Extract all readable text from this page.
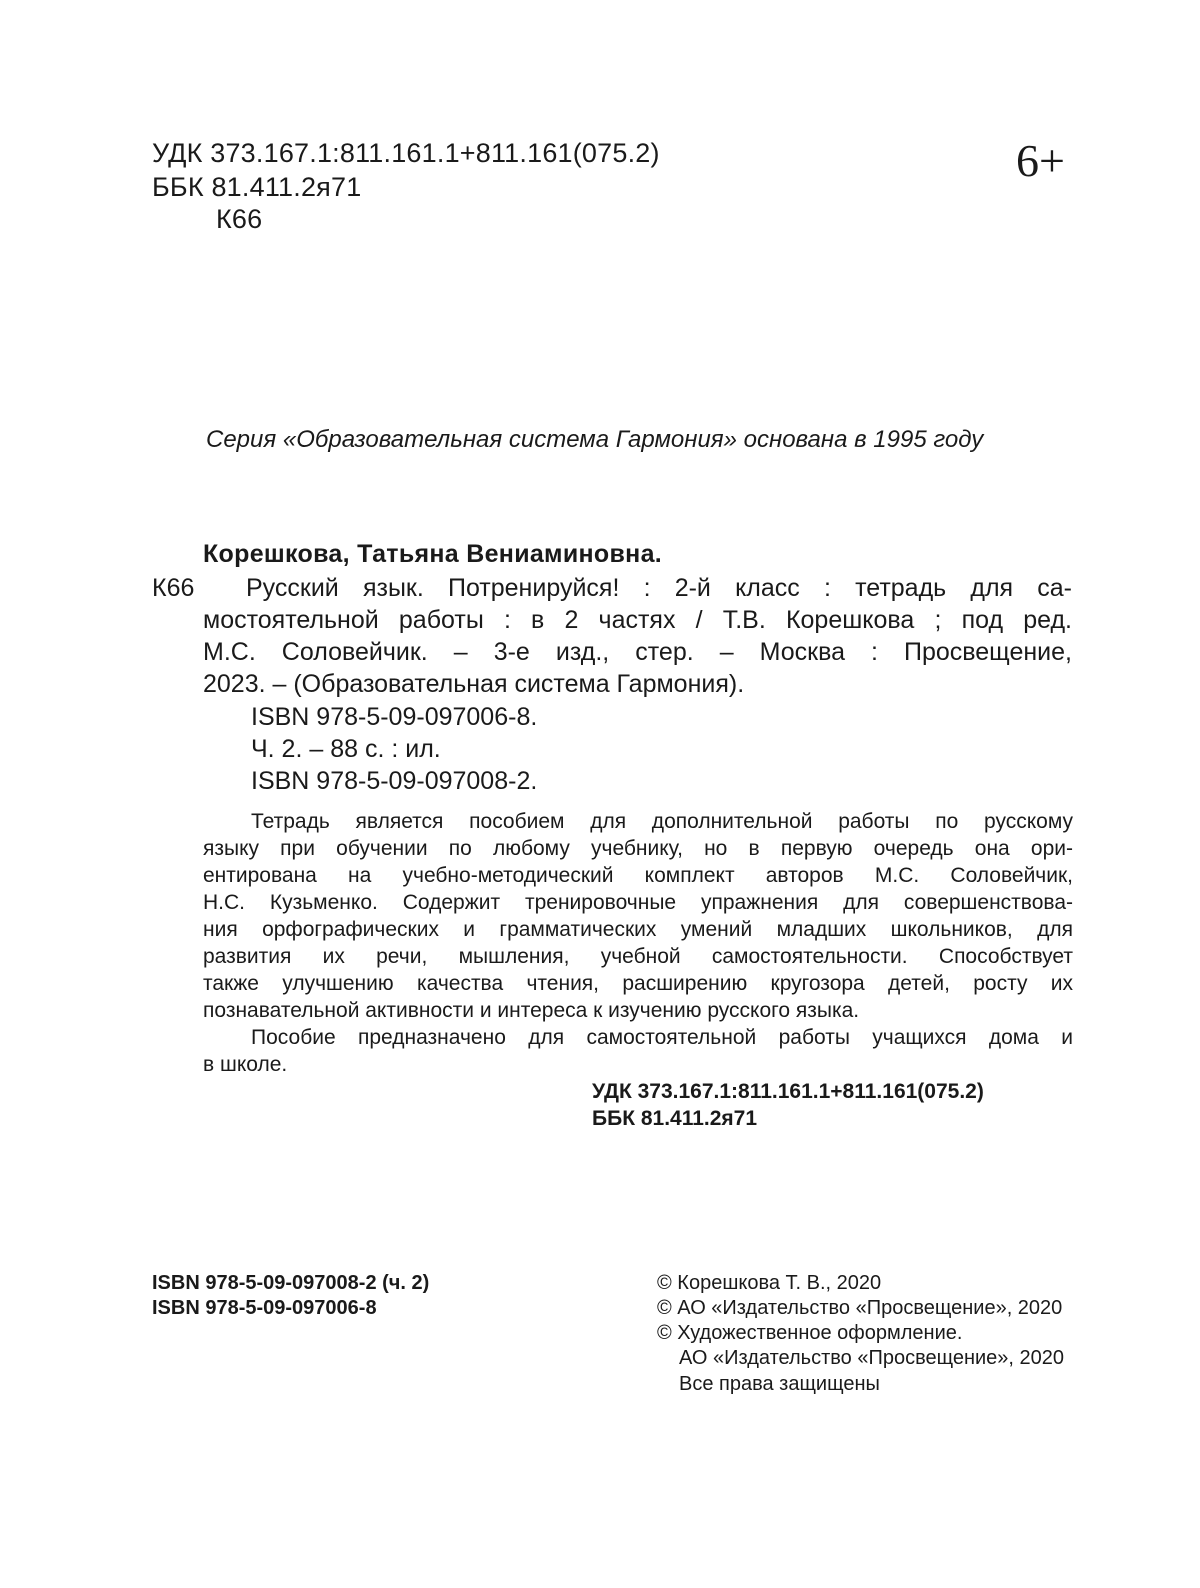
УДК 373.167.1:811.161.1+811.161(075.2)
ББК 81.411.2я71
К66
6+
Серия «Образовательная система Гармония» основана в 1995 году
Корешкова, Татьяна Вениаминовна.
К66 Русский язык. Потренируйся! : 2-й класс : тетрадь для са-
мостоятельной работы : в 2 частях / Т.В. Корешкова ; под ред.
М.С. Соловейчик. – 3-е изд., стер. – Москва : Просвещение,
2023. – (Образовательная система Гармония).
ISBN 978-5-09-097006-8.
Ч. 2. – 88 с. : ил.
ISBN 978-5-09-097008-2.
Тетрадь является пособием для дополнительной работы по русскому
языку при обучении по любому учебнику, но в первую очередь она ори-
ентирована на учебно-методический комплект авторов М.С. Соловейчик,
Н.С. Кузьменко. Содержит тренировочные упражнения для совершенствова-
ния орфографических и грамматических умений младших школьников, для
развития их речи, мышления, учебной самостоятельности. Способствует
также улучшению качества чтения, расширению кругозора детей, росту их
познавательной активности и интереса к изучению русского языка.
Пособие предназначено для самостоятельной работы учащихся дома и
в школе.
УДК 373.167.1:811.161.1+811.161(075.2)
ББК 81.411.2я71
ISBN 978-5-09-097008-2 (ч. 2)
ISBN 978-5-09-097006-8
© Корешкова Т. В., 2020
© АО «Издательство «Просвещение», 2020
© Художественное оформление.
АО «Издательство «Просвещение», 2020
Все права защищены
